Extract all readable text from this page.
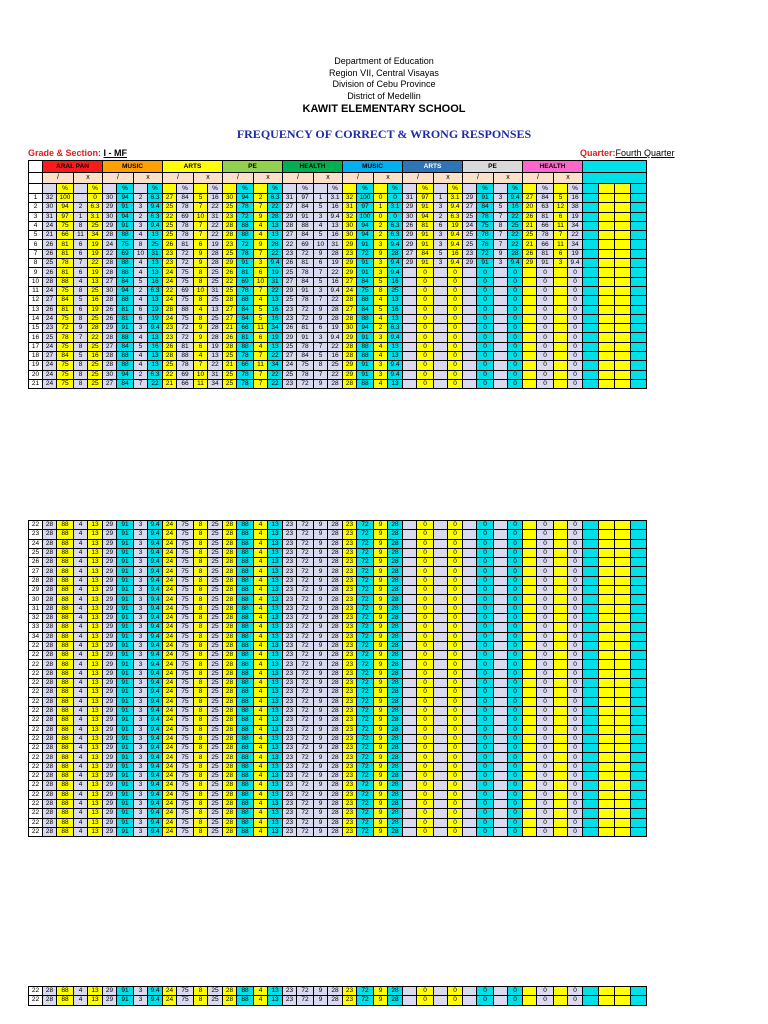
Department of Education
Region VII, Central Visayas
Division of Cebu Province
District of Medellin
KAWIT ELEMENTARY SCHOOL
FREQUENCY OF CORRECT & WRONG RESPONSES
Grade & Section: I - MF	Quarter:Fourth Quarter
	ARAL PAN				MUSIC				ARTS				PE				HEALTH				MUSIC				ARTS				PE				HEALTH							
	/		x		/		x		/		x		/		x		/		x		/		x		/		x		/		x		/		x					
		%		%		%		%		%		%		%		%		%		%		%		%		%		%		%		%		%		%				
1	32	100		0	30	94	2	6.3	27	84	5	16	30	94	2	6.3	31	97	1	3.1	32	100	0	0	31	97	1	3.1	29	91	3	9.4	27	84	5	16				
2	30	94	2	6.3	29	91	3	9.4	25	78	7	22	25	78	7	22	27	84	5	16	31	97	1	3.1	29	91	3	9.4	27	84	5	16	20	63	12	38				
3	31	97	1	3.1	30	94	2	6.3	22	69	10	31	23	72	9	28	29	91	3	9.4	32	100	0	0	30	94	2	6.3	25	78	7	22	26	81	6	19				
4	24	75	8	25	29	91	3	9.4	25	78	7	22	28	88	4	13	28	88	4	13	30	94	2	6.3	26	81	6	19	24	75	8	25	21	66	11	34				
5	21	66	11	34	28	88	4	13	25	78	7	22	28	88	4	13	27	84	5	16	30	94	2	6.3	29	91	3	9.4	25	78	7	22	25	78	7	22				
6	26	81	6	19	24	75	8	25	26	81	6	19	23	72	9	28	22	69	10	31	29	91	3	9.4	29	91	3	9.4	25	78	7	22	21	66	11	34				
7	26	81	6	19	22	69	10	31	23	72	9	28	25	78	7	22	23	72	9	28	23	72	9	28	27	84	5	16	23	72	9	28	26	81	6	19				
8	25	78	7	22	28	88	4	13	23	72	9	28	29	91	3	9.4	26	81	6	19	29	91	3	9.4	29	91	3	9.4	29	91	3	9.4	29	91	3	9.4				
9	26	81	6	19	28	88	4	13	24	75	8	25	26	81	6	19	25	78	7	22	29	91	3	9.4		0		0		0		0		0		0				
10	28	88	4	13	27	84	5	16	24	75	8	25	22	69	10	31	27	84	5	16	27	84	5	16		0		0		0		0		0		0				
11	24	75	8	25	30	94	2	6.3	22	69	10	31	25	78	7	22	29	91	3	9.4	24	75	8	25		0		0		0		0		0		0				
12	27	84	5	16	28	88	4	13	24	75	8	25	28	88	4	13	25	78	7	22	28	88	4	13		0		0		0		0		0		0				
13	26	81	6	19	26	81	6	19	28	88	4	13	27	84	5	16	23	72	9	28	27	84	5	16		0		0		0		0		0		0				
14	24	75	8	25	26	81	6	19	24	75	8	25	27	84	5	16	23	72	9	28	28	88	4	13		0		0		0		0		0		0				
15	23	72	9	28	29	91	3	9.4	23	72	9	28	21	66	11	34	26	81	6	19	30	94	2	6.3		0		0		0		0		0		0				
16	25	78	7	22	28	88	4	13	23	72	9	28	26	81	6	19	29	91	3	9.4	29	91	3	9.4		0		0		0		0		0		0				
17	24	75	8	25	27	84	5	16	26	81	6	19	28	88	4	13	25	78	7	22	28	88	4	13		0		0		0		0		0		0				
18	27	84	5	16	28	88	4	13	28	88	4	13	25	78	7	22	27	84	5	16	28	88	4	13		0		0		0		0		0		0				
19	24	75	8	25	28	88	4	13	25	78	7	22	21	66	11	34	24	75	8	25	29	91	3	9.4		0		0		0		0		0		0				
20	24	75	8	25	30	94	2	6.3	22	69	10	31	25	78	7	22	25	78	7	22	29	91	3	9.4		0		0		0		0		0		0				
21	24	75	8	25	27	84	7	22	21	66	11	34	25	78	7	22	23	72	9	28	28	88	4	13		0		0		0		0		0		0				
22	28	88	4	13	29	91	3	9.4	24	75	8	25	28	88	4	13	23	72	9	28	23	72	9	28		0		0		0		0		0		0				
23	28	88	4	13	29	91	3	9.4	24	75	8	25	28	88	4	13	23	72	9	28	23	72	9	28		0		0		0		0		0		0				
24	28	88	4	13	29	91	3	9.4	24	75	8	25	28	88	4	13	23	72	9	28	23	72	9	28		0		0		0		0		0		0				
25	28	88	4	13	29	91	3	9.4	24	75	8	25	28	88	4	13	23	72	9	28	23	72	9	28		0		0		0		0		0		0				
26	28	88	4	13	29	91	3	9.4	24	75	8	25	28	88	4	13	23	72	9	28	23	72	9	28		0		0		0		0		0		0				
27	28	88	4	13	29	91	3	9.4	24	75	8	25	28	88	4	13	23	72	9	28	23	72	9	28		0		0		0		0		0		0				
28	28	88	4	13	29	91	3	9.4	24	75	8	25	28	88	4	13	23	72	9	28	23	72	9	28		0		0		0		0		0		0				
29	28	88	4	13	29	91	3	9.4	24	75	8	25	28	88	4	13	23	72	9	28	23	72	9	28		0		0		0		0		0		0				
30	28	88	4	13	29	91	3	9.4	24	75	8	25	28	88	4	13	23	72	9	28	23	72	9	28		0		0		0		0		0		0				
31	28	88	4	13	29	91	3	9.4	24	75	8	25	28	88	4	13	23	72	9	28	23	72	9	28		0		0		0		0		0		0				
32	28	88	4	13	29	91	3	9.4	24	75	8	25	28	88	4	13	23	72	9	28	23	72	9	28		0		0		0		0		0		0				
33	28	88	4	13	29	91	3	9.4	24	75	8	25	28	88	4	13	23	72	9	28	23	72	9	28		0		0		0		0		0		0				
34	28	88	4	13	29	91	3	9.4	24	75	8	25	28	88	4	13	23	72	9	28	23	72	9	28		0		0		0		0		0		0				
22	28	88	4	13	29	91	3	9.4	24	75	8	25	28	88	4	13	23	72	9	28	23	72	9	28		0		0		0		0		0		0				
22	28	88	4	13	29	91	3	9.4	24	75	8	25	28	88	4	13	23	72	9	28	23	72	9	28		0		0		0		0		0		0				
22	28	88	4	13	29	91	3	9.4	24	75	8	25	28	88	4	13	23	72	9	28	23	72	9	28		0		0		0		0		0		0				
22	28	88	4	13	29	91	3	9.4	24	75	8	25	28	88	4	13	23	72	9	28	23	72	9	28		0		0		0		0		0		0				
22	28	88	4	13	29	91	3	9.4	24	75	8	25	28	88	4	13	23	72	9	28	23	72	9	28		0		0		0		0		0		0				
22	28	88	4	13	29	91	3	9.4	24	75	8	25	28	88	4	13	23	72	9	28	23	72	9	28		0		0		0		0		0		0				
22	28	88	4	13	29	91	3	9.4	24	75	8	25	28	88	4	13	23	72	9	28	23	72	9	28		0		0		0		0		0		0				
22	28	88	4	13	29	91	3	9.4	24	75	8	25	28	88	4	13	23	72	9	28	23	72	9	28		0		0		0		0		0		0				
22	28	88	4	13	29	91	3	9.4	24	75	8	25	28	88	4	13	23	72	9	28	23	72	9	28		0		0		0		0		0		0				
22	28	88	4	13	29	91	3	9.4	24	75	8	25	28	88	4	13	23	72	9	28	23	72	9	28		0		0		0		0		0		0				
22	28	88	4	13	29	91	3	9.4	24	75	8	25	28	88	4	13	23	72	9	28	23	72	9	28		0		0		0		0		0		0				
22	28	88	4	13	29	91	3	9.4	24	75	8	25	28	88	4	13	23	72	9	28	23	72	9	28		0		0		0		0		0		0				
22	28	88	4	13	29	91	3	9.4	24	75	8	25	28	88	4	13	23	72	9	28	23	72	9	28		0		0		0		0		0		0				
22	28	88	4	13	29	91	3	9.4	24	75	8	25	28	88	4	13	23	72	9	28	23	72	9	28		0		0		0		0		0		0				
22	28	88	4	13	29	91	3	9.4	24	75	8	25	28	88	4	13	23	72	9	28	23	72	9	28		0		0		0		0		0		0				
22	28	88	4	13	29	91	3	9.4	24	75	8	25	28	88	4	13	23	72	9	28	23	72	9	28		0		0		0		0		0		0				
22	28	88	4	13	29	91	3	9.4	24	75	8	25	28	88	4	13	23	72	9	28	23	72	9	28		0		0		0		0		0		0				
22	28	88	4	13	29	91	3	9.4	24	75	8	25	28	88	4	13	23	72	9	28	23	72	9	28		0		0		0		0		0		0				
22	28	88	4	13	29	91	3	9.4	24	75	8	25	28	88	4	13	23	72	9	28	23	72	9	28		0		0		0		0		0		0				
22	28	88	4	13	29	91	3	9.4	24	75	8	25	28	88	4	13	23	72	9	28	23	72	9	28		0		0		0		0		0		0				
22	28	88	4	13	29	91	3	9.4	24	75	8	25	28	88	4	13	23	72	9	28	23	72	9	28		0		0		0		0		0		0				
22	28	88	4	13	29	91	3	9.4	24	75	8	25	28	88	4	13	23	72	9	28	23	72	9	28		0		0		0		0		0		0				
22	28	88	4	13	29	91	3	9.4	24	75	8	25	28	88	4	13	23	72	9	28	23	72	9	28		0		0		0		0		0		0				
